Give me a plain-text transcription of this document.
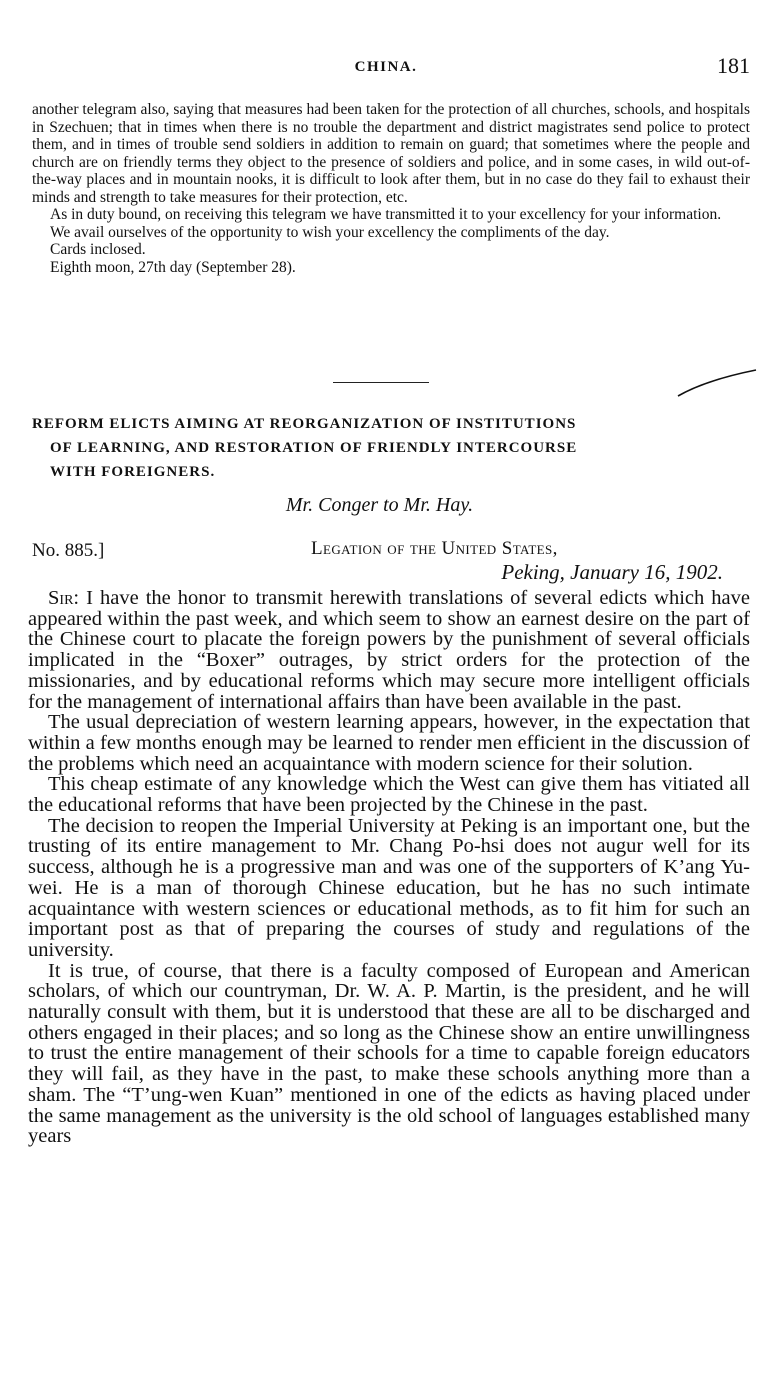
CHINA.	181

another telegram also, saying that measures had been taken for the protection of all churches, schools, and hospitals in Szechuen; that in times when there is no trouble the department and district magistrates send police to protect them, and in times of trouble send soldiers in addition to remain on guard; that sometimes where the people and church are on friendly terms they object to the presence of soldiers and police, and in some cases, in wild out-of-the-way places and in mountain nooks, it is difficult to look after them, but in no case do they fail to exhaust their minds and strength to take measures for their protection, etc.

As in duty bound, on receiving this telegram we have transmitted it to your excellency for your information.

We avail ourselves of the opportunity to wish your excellency the compliments of the day.

Cards inclosed.

Eighth moon, 27th day (September 28).

REFORM ELICTS AIMING AT REORGANIZATION OF INSTITUTIONS
OF LEARNING, AND RESTORATION OF FRIENDLY INTERCOURSE
WITH FOREIGNERS.
Mr. Conger to Mr. Hay.
No. 885.]	Legation of the United States,
Peking, January 16, 1902.

Sir: I have the honor to transmit herewith translations of several edicts which have appeared within the past week, and which seem to show an earnest desire on the part of the Chinese court to placate the foreign powers by the punishment of several officials implicated in the “Boxer” outrages, by strict orders for the protection of the missionaries, and by educational reforms which may secure more intelligent officials for the management of international affairs than have been available in the past.

The usual depreciation of western learning appears, however, in the expectation that within a few months enough may be learned to render men efficient in the discussion of the problems which need an acquaintance with modern science for their solution.

This cheap estimate of any knowledge which the West can give them has vitiated all the educational reforms that have been projected by the Chinese in the past.

The decision to reopen the Imperial University at Peking is an important one, but the trusting of its entire management to Mr. Chang Po-hsi does not augur well for its success, although he is a progressive man and was one of the supporters of K’ang Yu-wei. He is a man of thorough Chinese education, but he has no such intimate acquaintance with western sciences or educational methods, as to fit him for such an important post as that of preparing the courses of study and regulations of the university.

It is true, of course, that there is a faculty composed of European and American scholars, of which our countryman, Dr. W. A. P. Martin, is the president, and he will naturally consult with them, but it is understood that these are all to be discharged and others engaged in their places; and so long as the Chinese show an entire unwillingness to trust the entire management of their schools for a time to capable foreign educators they will fail, as they have in the past, to make these schools anything more than a sham. The “T’ung-wen Kuan” mentioned in one of the edicts as having placed under the same management as the university is the old school of languages established many years
